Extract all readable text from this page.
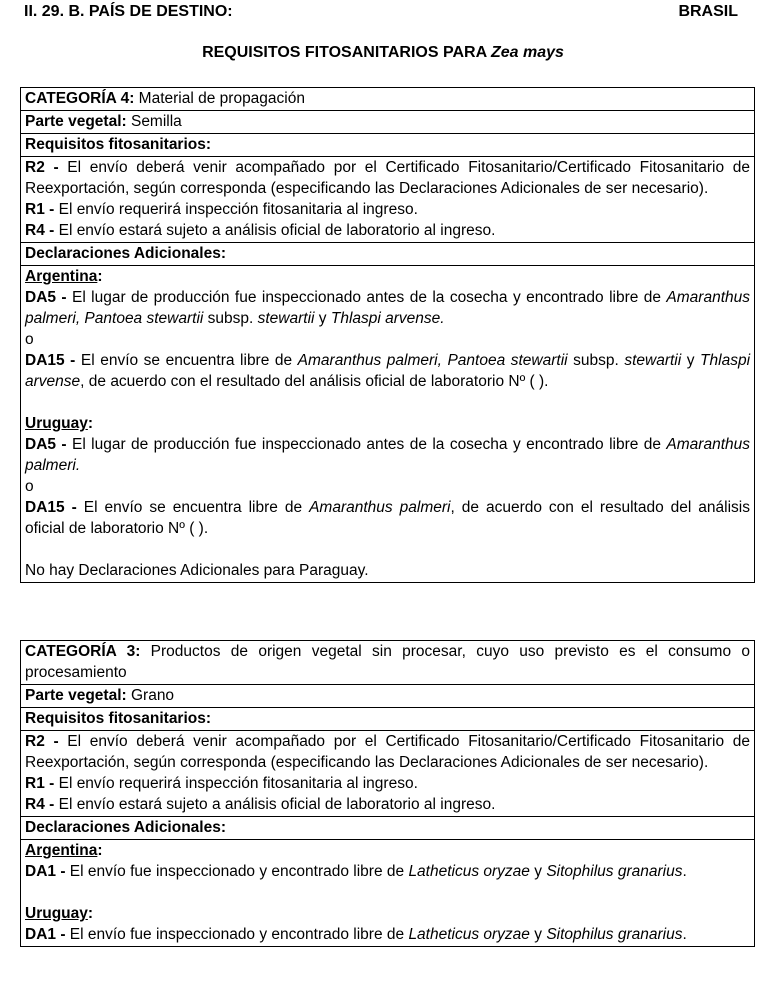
II. 29. B. PAÍS DE DESTINO:	BRASIL
REQUISITOS FITOSANITARIOS PARA Zea mays
CATEGORÍA 4: Material de propagación
Parte vegetal: Semilla
Requisitos fitosanitarios:

R2 - El envío deberá venir acompañado por el Certificado Fitosanitario/Certificado Fitosanitario de Reexportación, según corresponda (especificando las Declaraciones Adicionales de ser necesario).

R1 - El envío requerirá inspección fitosanitaria al ingreso.

R4 - El envío estará sujeto a análisis oficial de laboratorio al ingreso.

Declaraciones Adicionales:

Argentina:

DA5 - El lugar de producción fue inspeccionado antes de la cosecha y encontrado libre de Amaranthus palmeri, Pantoea stewartii subsp. stewartii y Thlaspi arvense.

o

DA15 - El envío se encuentra libre de Amaranthus palmeri, Pantoea stewartii subsp. stewartii y Thlaspi arvense, de acuerdo con el resultado del análisis oficial de laboratorio Nº ( ).

Uruguay:

DA5 - El lugar de producción fue inspeccionado antes de la cosecha y encontrado libre de Amaranthus palmeri.

o

DA15 - El envío se encuentra libre de Amaranthus palmeri, de acuerdo con el resultado del análisis oficial de laboratorio Nº ( ).

No hay Declaraciones Adicionales para Paraguay.

CATEGORÍA 3: Productos de origen vegetal sin procesar, cuyo uso previsto es el consumo o procesamiento
Parte vegetal: Grano
Requisitos fitosanitarios:

R2 - El envío deberá venir acompañado por el Certificado Fitosanitario/Certificado Fitosanitario de Reexportación, según corresponda (especificando las Declaraciones Adicionales de ser necesario).

R1 - El envío requerirá inspección fitosanitaria al ingreso.

R4 - El envío estará sujeto a análisis oficial de laboratorio al ingreso.

Declaraciones Adicionales:

Argentina:

DA1 - El envío fue inspeccionado y encontrado libre de Latheticus oryzae y Sitophilus granarius.

Uruguay:

DA1 - El envío fue inspeccionado y encontrado libre de Latheticus oryzae y Sitophilus granarius.
